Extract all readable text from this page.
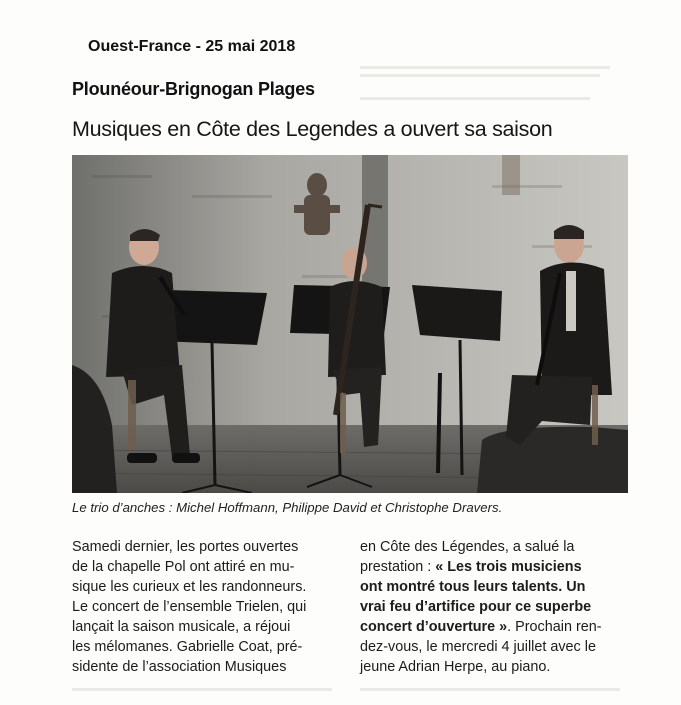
Ouest-France - 25 mai 2018
Plounéour-Brignogan Plages
Musiques en Côte des Legendes a ouvert sa saison
Le trio d’anches : Michel Hoffmann, Philippe David et Christophe Dravers.
Samedi dernier, les portes ouvertes
de la chapelle Pol ont attiré en mu-
sique les curieux et les randonneurs.
Le concert de l’ensemble Trielen, qui
lançait la saison musicale, a réjoui
les mélomanes. Gabrielle Coat, pré-
sidente de l’association Musiques
en Côte des Légendes, a salué la
prestation : « Les trois musiciens
ont montré tous leurs talents. Un
vrai feu d’artifice pour ce superbe
concert d’ouverture ». Prochain ren-
dez-vous, le mercredi 4 juillet avec le
jeune Adrian Herpe, au piano.
